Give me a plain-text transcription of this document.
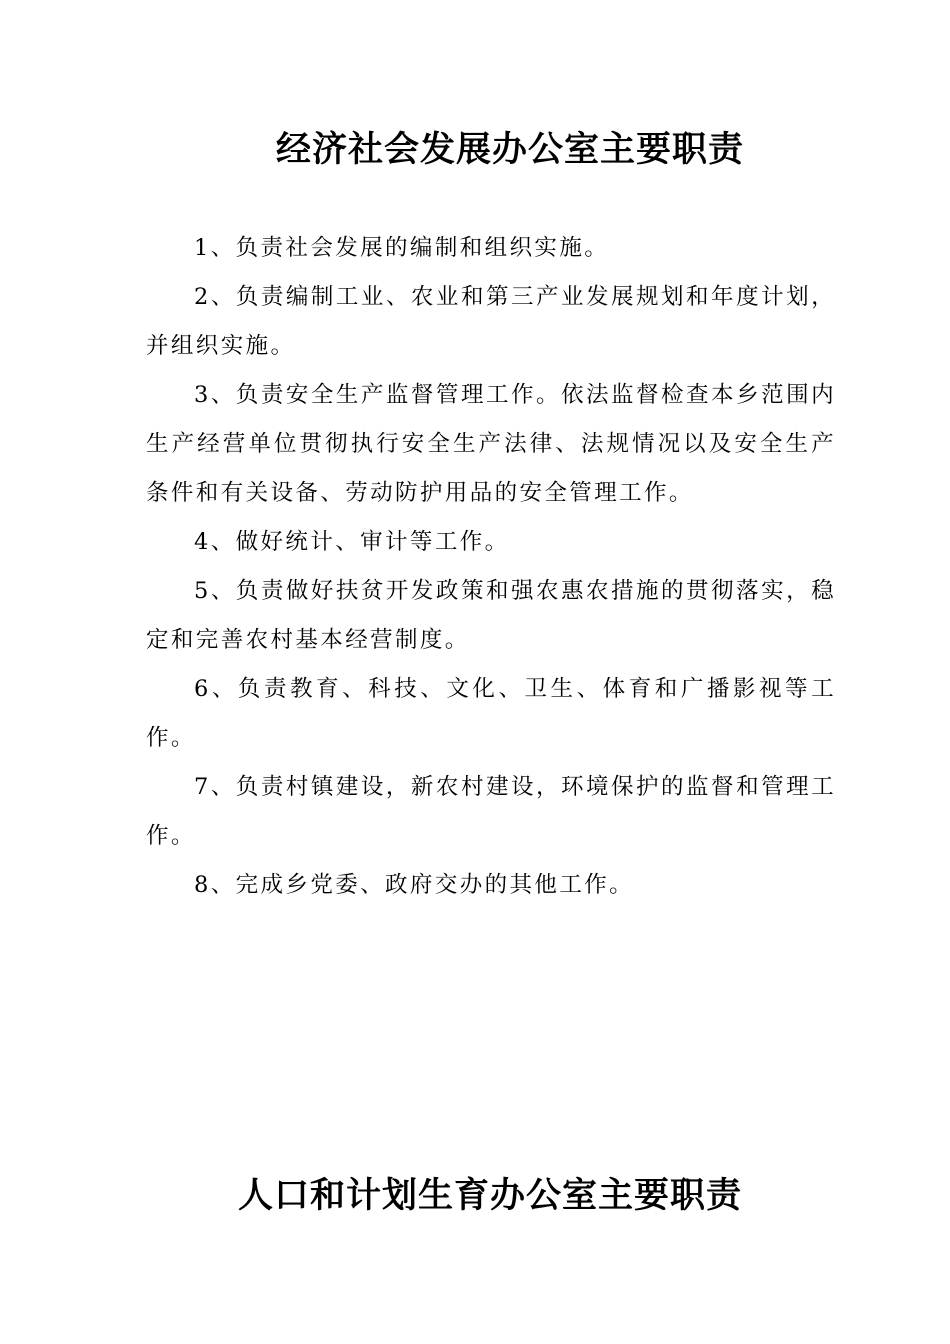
经济社会发展办公室主要职责

1、负责社会发展的编制和组织实施。

2、负责编制工业、农业和第三产业发展规划和年度计划，并组织实施。

3、负责安全生产监督管理工作。依法监督检查本乡范围内生产经营单位贯彻执行安全生产法律、法规情况以及安全生产条件和有关设备、劳动防护用品的安全管理工作。

4、做好统计、审计等工作。

5、负责做好扶贫开发政策和强农惠农措施的贯彻落实，稳定和完善农村基本经营制度。

6、负责教育、科技、文化、卫生、体育和广播影视等工作。

7、负责村镇建设，新农村建设，环境保护的监督和管理工作。

8、完成乡党委、政府交办的其他工作。

人口和计划生育办公室主要职责
